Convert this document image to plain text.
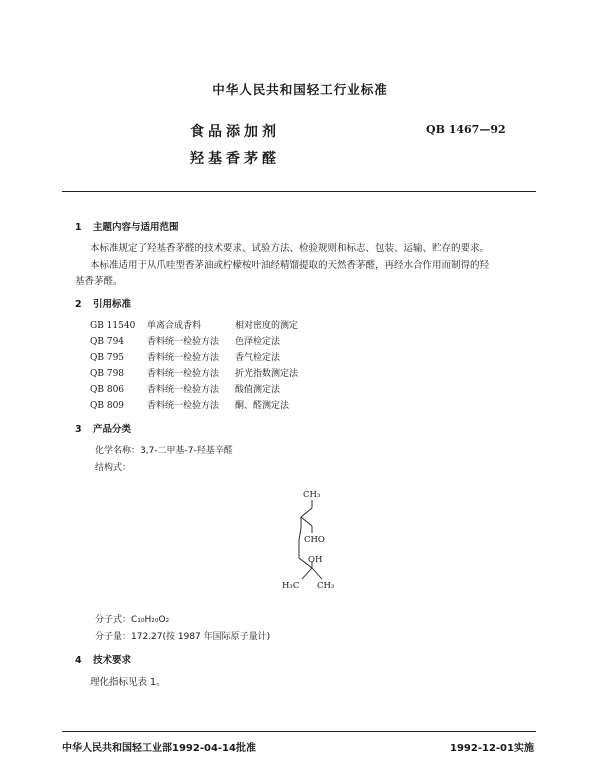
中华人民共和国轻工行业标准
食品添加剂
羟基香茅醛
QB 1467—92
1 主题内容与适用范围
本标准规定了羟基香茅醛的技术要求、试验方法、检验规则和标志、包装、运输、贮存的要求。
本标准适用于从爪哇型香茅油或柠檬桉叶油经精馏提取的天然香茅醛，再经水合作用而制得的羟
基香茅醛。
2 引用标准
GB 11540 单离合成香料	相对密度的测定
QB 794	香料统一检验方法 色泽检定法
QB 795	香料统一检验方法 香气检定法
QB 798	香料统一检验方法 折光指数测定法
QB 806	香料统一检验方法 酸值测定法
QB 809	香料统一检验方法 酮、醛测定法
3 产品分类
化学名称：3,7-二甲基-7-羟基辛醛
结构式：
CH₃
CHO
OH
H₃C CH₃
分子式：C₁₀H₂₀O₂
分子量：172.27(按 1987 年国际原子量计)
4 技术要求
理化指标见表 1。
中华人民共和国轻工业部1992-04-14批准	1992-12-01实施
